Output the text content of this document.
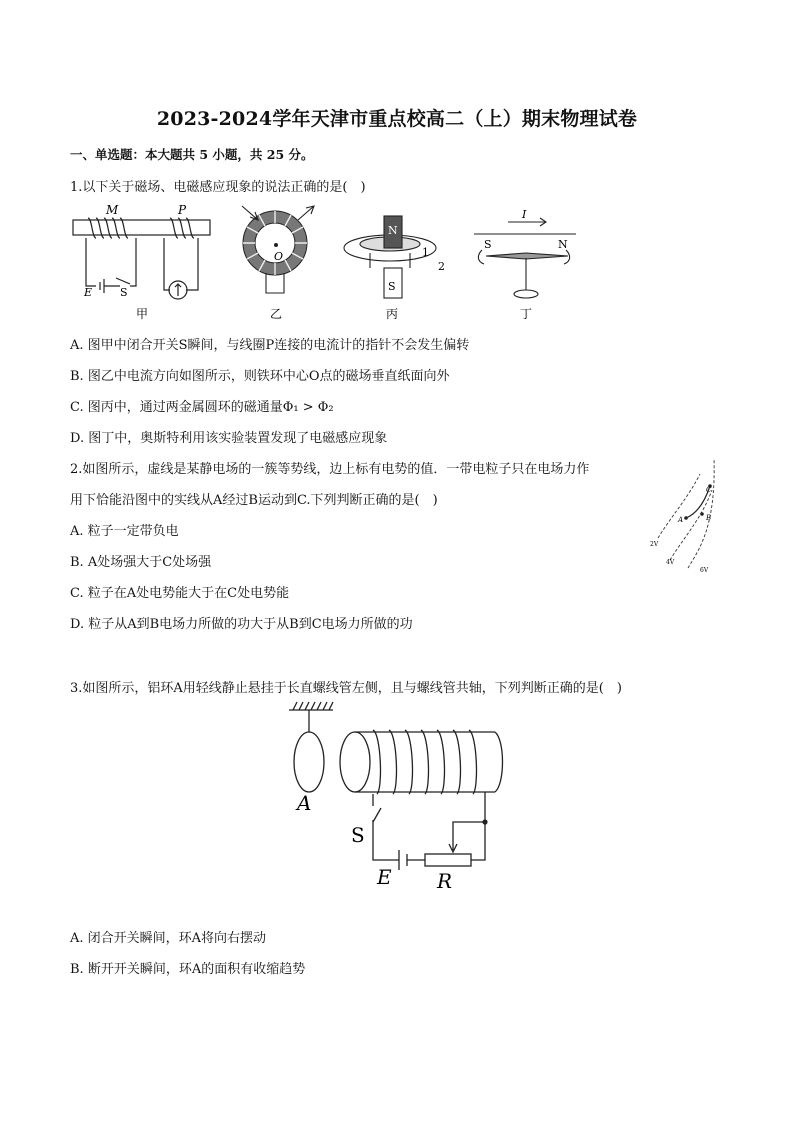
2023-2024学年天津市重点校高二（上）期末物理试卷
一、单选题：本大题共 5 小题，共 25 分。
1.以下关于磁场、电磁感应现象的说法正确的是(　)
M	P
E	S
甲
O
乙
N
S
1
2
丙
I
S	N
丁
A. 图甲中闭合开关S瞬间，与线圈P连接的电流计的指针不会发生偏转
B. 图乙中电流方向如图所示，则铁环中心O点的磁场垂直纸面向外
C. 图丙中，通过两金属圆环的磁通量Φ₁ > Φ₂
D. 图丁中，奥斯特利用该实验装置发现了电磁感应现象
2.如图所示，虚线是某静电场的一簇等势线，边上标有电势的值．一带电粒子只在电场力作
用下恰能沿图中的实线从A经过B运动到C.下列判断正确的是(　)
A	B
C
2V
4V
6V
A. 粒子一定带负电
B. A处场强大于C处场强
C. 粒子在A处电势能大于在C处电势能
D. 粒子从A到B电场力所做的功大于从B到C电场力所做的功
3.如图所示，铝环A用轻线静止悬挂于长直螺线管左侧，且与螺线管共轴，下列判断正确的是(　)
A
S
E R
A. 闭合开关瞬间，环A将向右摆动
B. 断开开关瞬间，环A的面积有收缩趋势
